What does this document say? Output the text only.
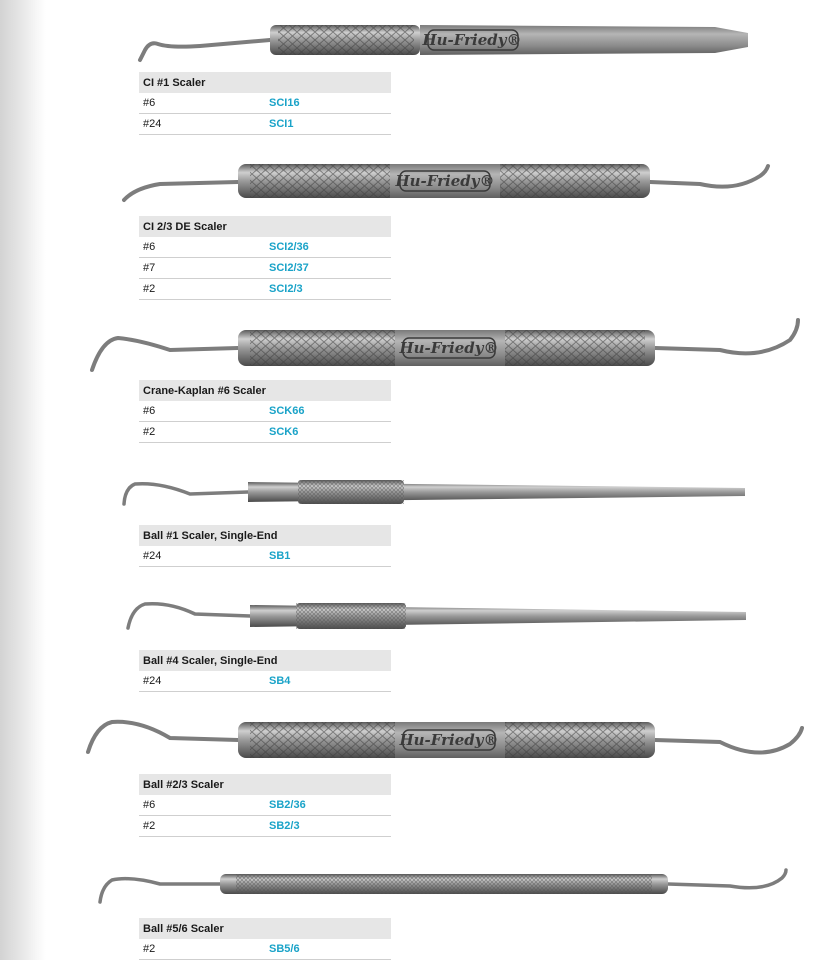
Hu-Friedy®
CI #1 Scaler
#6	SCI16
#24	SCI1
Hu-Friedy®
CI 2/3 DE Scaler
#6	SCI2/36
#7	SCI2/37
#2	SCI2/3
Hu-Friedy®
Crane-Kaplan #6 Scaler
#6	SCK66
#2	SCK6
Ball #1 Scaler, Single-End
#24	SB1
Ball #4 Scaler, Single-End
#24	SB4
Hu-Friedy®
Ball #2/3 Scaler
#6	SB2/36
#2	SB2/3
Ball #5/6 Scaler
#2	SB5/6
